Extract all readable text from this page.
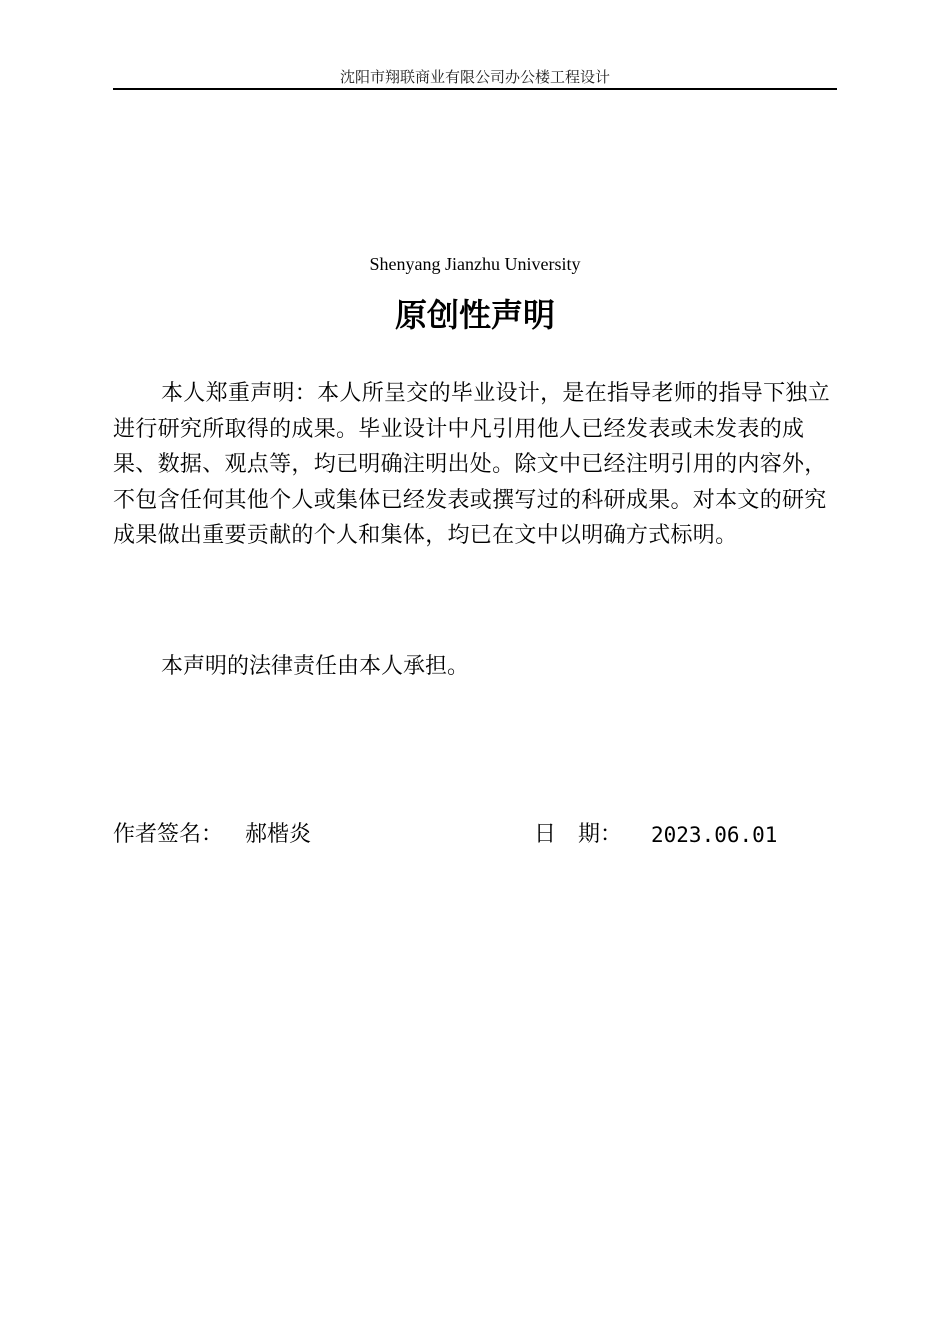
沈阳市翔联商业有限公司办公楼工程设计
Shenyang Jianzhu University
原创性声明

本人郑重声明：本人所呈交的毕业设计，是在指导老师的指导下独立进行研究所取得的成果。毕业设计中凡引用他人已经发表或未发表的成果、数据、观点等，均已明确注明出处。除文中已经注明引用的内容外，不包含任何其他个人或集体已经发表或撰写过的科研成果。对本文的研究成果做出重要贡献的个人和集体，均已在文中以明确方式标明。

本声明的法律责任由本人承担。

作者签名： 郝楷炎	日 期： 2023.06.01
